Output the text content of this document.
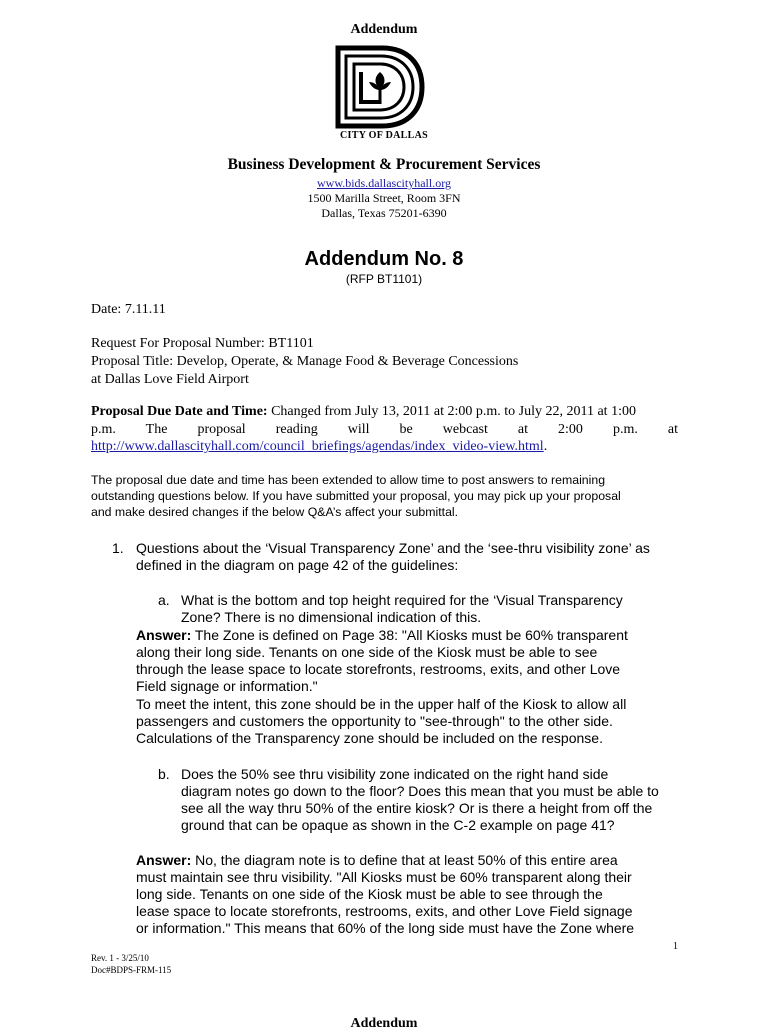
Addendum
CITY OF DALLAS
Business Development & Procurement Services
www.bids.dallascityhall.org
1500 Marilla Street, Room 3FN
Dallas, Texas 75201-6390
Addendum No. 8
(RFP BT1101)
Date: 7.11.11
Request For Proposal Number: BT1101
Proposal Title: Develop, Operate, & Manage Food & Beverage Concessions
at Dallas Love Field Airport
Proposal Due Date and Time: Changed from July 13, 2011 at 2:00 p.m. to July 22, 2011 at 1:00
p.m. The proposal reading will be webcast at 2:00 p.m. at
http://www.dallascityhall.com/council_briefings/agendas/index_video-view.html.
The proposal due date and time has been extended to allow time to post answers to remaining
outstanding questions below. If you have submitted your proposal, you may pick up your proposal
and make desired changes if the below Q&A’s affect your submittal.
1. Questions about the ‘Visual Transparency Zone’ and the ‘see-thru visibility zone’ as
defined in the diagram on page 42 of the guidelines:
a. What is the bottom and top height required for the ‘Visual Transparency
Zone? There is no dimensional indication of this.
Answer: The Zone is defined on Page 38: "All Kiosks must be 60% transparent
along their long side. Tenants on one side of the Kiosk must be able to see
through the lease space to locate storefronts, restrooms, exits, and other Love
Field signage or information."
To meet the intent, this zone should be in the upper half of the Kiosk to allow all
passengers and customers the opportunity to "see-through" to the other side.
Calculations of the Transparency zone should be included on the response.
b. Does the 50% see thru visibility zone indicated on the right hand side
diagram notes go down to the floor? Does this mean that you must be able to
see all the way thru 50% of the entire kiosk? Or is there a height from off the
ground that can be opaque as shown in the C-2 example on page 41?
Answer: No, the diagram note is to define that at least 50% of this entire area
must maintain see thru visibility. "All Kiosks must be 60% transparent along their
long side. Tenants on one side of the Kiosk must be able to see through the
lease space to locate storefronts, restrooms, exits, and other Love Field signage
or information." This means that 60% of the long side must have the Zone where
1
Rev. 1 - 3/25/10
Doc#BDPS-FRM-115
Addendum
